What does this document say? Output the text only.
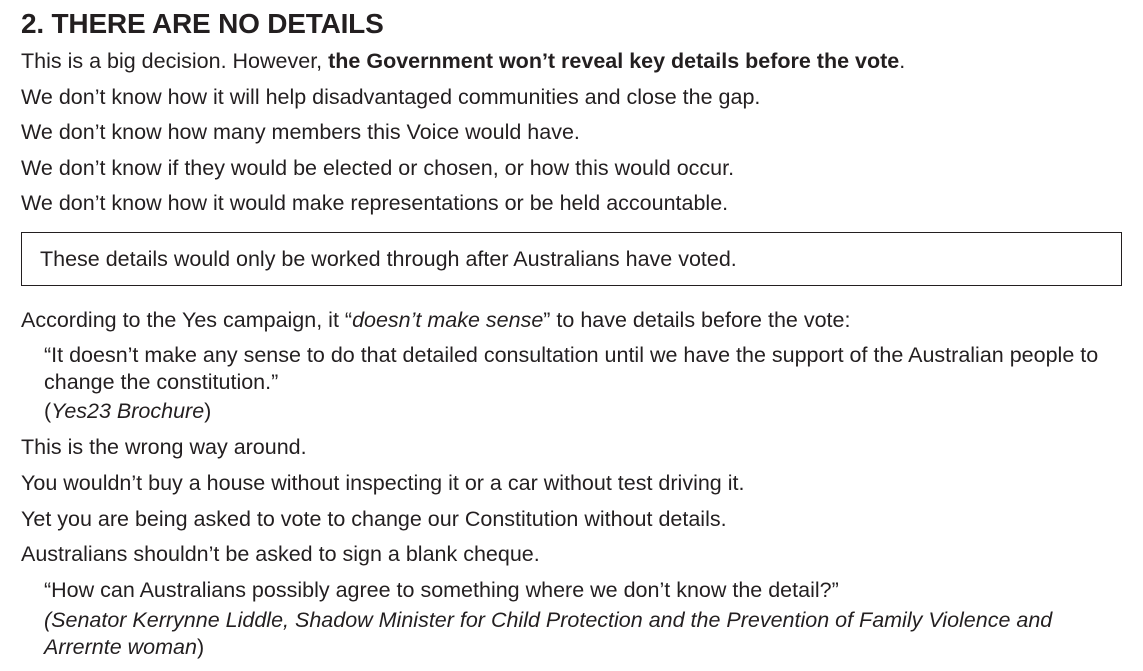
2. THERE ARE NO DETAILS

This is a big decision. However, the Government won’t reveal key details before the vote.

We don’t know how it will help disadvantaged communities and close the gap.

We don’t know how many members this Voice would have.

We don’t know if they would be elected or chosen, or how this would occur.

We don’t know how it would make representations or be held accountable.

These details would only be worked through after Australians have voted.

According to the Yes campaign, it “doesn’t make sense” to have details before the vote:

“It doesn’t make any sense to do that detailed consultation until we have the support of the Australian people to change the constitution.”

(Yes23 Brochure)

This is the wrong way around.

You wouldn’t buy a house without inspecting it or a car without test driving it.

Yet you are being asked to vote to change our Constitution without details.

Australians shouldn’t be asked to sign a blank cheque.

“How can Australians possibly agree to something where we don’t know the detail?”

(Senator Kerrynne Liddle, Shadow Minister for Child Protection and the Prevention of Family Violence and Arrernte woman)
